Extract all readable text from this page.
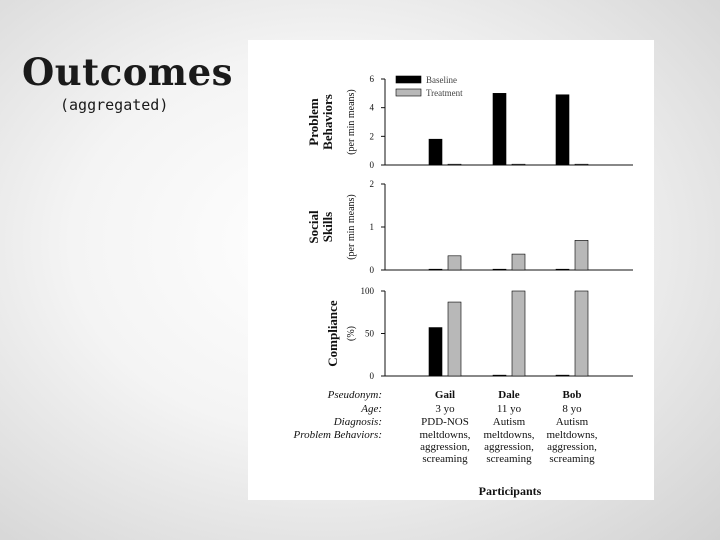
Outcomes
(aggregated)
0
2
4
6
Problem Behaviors (per min means)
Baseline
Treatment
0
1
2
Social Skills (per min means)
0
50
100
Compliance (%)
Pseudonym:
Age:
Diagnosis:
Problem Behaviors:
Gail
3 yo
PDD-NOS
meltdowns,
aggression,
screaming
Dale
11 yo
Autism
meltdowns,
aggression,
screaming
Bob
8 yo
Autism
meltdowns,
aggression,
screaming
Participants
